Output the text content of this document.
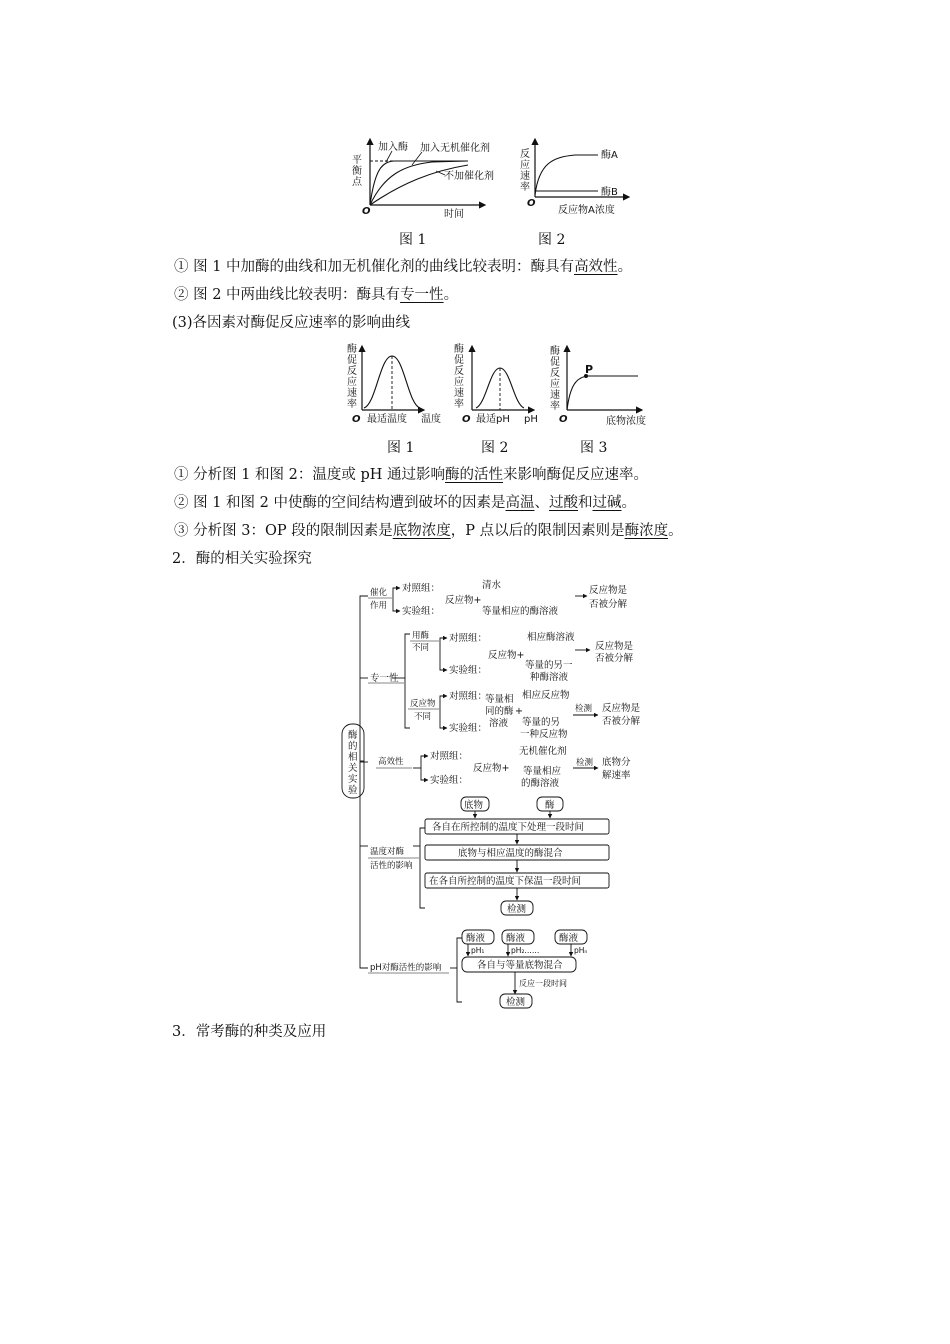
平
衡
点
O	时间
加入酶 加入无机催化剂
不加催化剂
反
应
速
率
O
反应物A浓度
酶A
酶B
图 1	图 2
① 图 1 中加酶的曲线和加无机催化剂的曲线比较表明：酶具有高效性。
② 图 2 中两曲线比较表明：酶具有专一性。
(3)各因素对酶促反应速率的影响曲线
酶
促
反
应
速
率
O 最适温度 温度
酶
促
反
应
速
率
O 最适pH pH
酶
促
反
应
速
率
O
P
底物浓度
图 1	图 2	图 3
① 分析图 1 和图 2：温度或 pH 通过影响酶的活性来影响酶促反应速率。
② 图 1 和图 2 中使酶的空间结构遭到破坏的因素是高温、过酸和过碱。
③ 分析图 3：OP 段的限制因素是底物浓度，P 点以后的限制因素则是酶浓度。
2．酶的相关实验探究
酶
的
相
关
实
验
催化
作用
对照组：
实验组：
反应物+
清水
等量相应的酶溶液
反应物是
否被分解
专一性
用酶
不同
对照组：
实验组：
反应物+
相应酶溶液
等量的另一
种酶溶液
反应物是
否被分解
反应物
不同
对照组：
实验组：
等量相
同的酶
溶液
+
相应反应物
等量的另
一种反应物
检测 反应物是
否被分解
高效性	对照组：
实验组：
反应物+
无机催化剂
等量相应
的酶溶液
检测 底物分
解速率
温度对酶
活性的影响
底物	酶
各自在所控制的温度下处理一段时间
底物与相应温度的酶混合
在各自所控制的温度下保温一段时间
检测
pH对酶活性的影响
酶液 酶液	酶液
pH₁	pH₂……	pHₙ
各自与等量底物混合
反应一段时间
检测
3．常考酶的种类及应用
